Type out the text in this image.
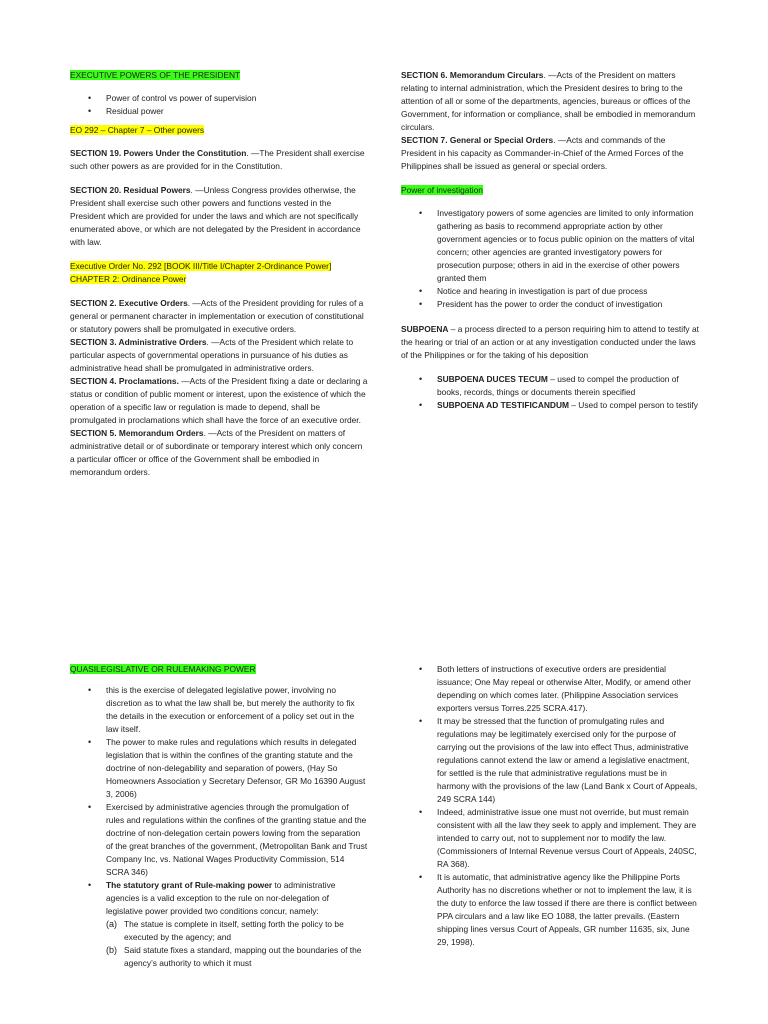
EXECUTIVE POWERS OF THE PRESIDENT

• Power of control vs power of supervision
• Residual power

EO 292 – Chapter 7 – Other powers

SECTION 19. Powers Under the Constitution. —The President shall exercise such other powers as are provided for in the Constitution.

SECTION 20. Residual Powers. —Unless Congress provides otherwise, the President shall exercise such other powers and functions vested in the President which are provided for under the laws and which are not specifically enumerated above, or which are not delegated by the President in accordance with law.

Executive Order No. 292 [BOOK III/Title I/Chapter 2-Ordinance Power] CHAPTER 2: Ordinance Power

SECTION 2. Executive Orders. —Acts of the President providing for rules of a general or permanent character in implementation or execution of constitutional or statutory powers shall be promulgated in executive orders.

SECTION 3. Administrative Orders. —Acts of the President which relate to particular aspects of governmental operations in pursuance of his duties as administrative head shall be promulgated in administrative orders.

SECTION 4. Proclamations. —Acts of the President fixing a date or declaring a status or condition of public moment or interest, upon the existence of which the operation of a specific law or regulation is made to depend, shall be promulgated in proclamations which shall have the force of an executive order.

SECTION 5. Memorandum Orders. —Acts of the President on matters of administrative detail or of subordinate or temporary interest which only concern a particular officer or office of the Government shall be embodied in memorandum orders.

SECTION 6. Memorandum Circulars. —Acts of the President on matters relating to internal administration, which the President desires to bring to the attention of all or some of the departments, agencies, bureaus or offices of the Government, for information or compliance, shall be embodied in memorandum circulars.

SECTION 7. General or Special Orders. —Acts and commands of the President in his capacity as Commander-in-Chief of the Armed Forces of the Philippines shall be issued as general or special orders.

Power of investigation

• Investigatory powers of some agencies are limited to only information gathering as basis to recommend appropriate action by other government agencies or to focus public opinion on the matters of vital concern; other agencies are granted investigatory powers for prosecution purpose; others in aid in the exercise of other powers granted them
• Notice and hearing in investigation is part of due process
• President has the power to order the conduct of investigation

SUBPOENA – a process directed to a person requiring him to attend to testify at the hearing or trial of an action or at any investigation conducted under the laws of the Philippines or for the taking of his deposition

• SUBPOENA DUCES TECUM – used to compel the production of books, records, things or documents therein specified
• SUBPOENA AD TESTIFICANDUM – Used to compel person to testify

QUASILEGISLATIVE OR RULEMAKING POWER

• this is the exercise of delegated legislative power, involving no discretion as to what the law shall be, but merely the authority to fix the details in the execution or enforcement of a policy set out in the law itself.
• The power to make rules and regulations which results in delegated legislation that is within the confines of the granting statute and the doctrine of non-delegability and separation of powers, (Hay So Homeowners Association y Secretary Defensor, GR Mo 16390 August 3, 2006)
• Exercised by administrative agencies through the promulgation of rules and regulations within the confines of the granting statue and the doctrine of non-delegation certain powers lowing from the separation of the great branches of the government, (Metropolitan Bank and Trust Company Inc, vs. National Wages Productivity Commission, 514 SCRA 346)
• The statutory grant of Rule-making power to administrative agencies is a valid exception to the rule on nor-delegation of legislative power provided two conditions concur, namely:
(a) The statue is complete in itself, setting forth the policy to be executed by the agency; and
(b) Said statute fixes a standard, mapping out the boundaries of the agency’s authority to which it must
• Both letters of instructions of executive orders are presidential issuance; One May repeal or otherwise Alter, Modify, or amend other depending on which comes later. (Philippine Association services exporters versus Torres.225 SCRA.417).
• It may be stressed that the function of promulgating rules and regulations may be legitimately exercised only for the purpose of carrying out the provisions of the law into effect Thus, administrative regulations cannot extend the law or amend a legislative enactment, for settled is the rule that administrative regulations must be in harmony with the provisions of the law (Land Bank x Court of Appeals, 249 SCRA 144)
• Indeed, administrative issue one must not override, but must remain consistent with all the law they seek to apply and implement. They are intended to carry out, not to supplement nor to modify the law. (Commissioners of Internal Revenue versus Court of Appeals, 240SC, RA 368).
• It is automatic, that administrative agency like the Philippine Ports Authority has no discretions whether or not to implement the law, it is the duty to enforce the law tossed if there are there is conflict between PPA circulars and a law like EO 1088, the latter prevails. (Eastern shipping lines versus Court of Appeals, GR number 11635, six, June 29, 1998).
